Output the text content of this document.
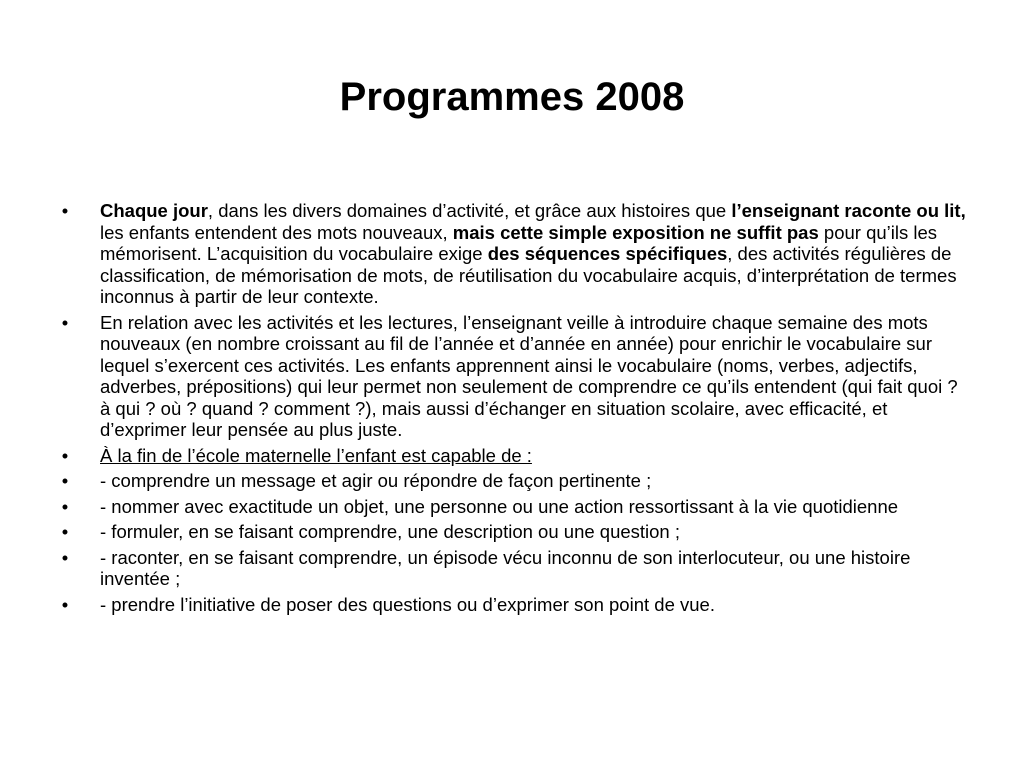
Programmes 2008
• Chaque jour, dans les divers domaines d’activité, et grâce aux histoires que l’enseignant raconte ou lit, les enfants entendent des mots nouveaux, mais cette simple exposition ne suffit pas pour qu’ils les mémorisent. L’acquisition du vocabulaire exige des séquences spécifiques, des activités régulières de classification, de mémorisation de mots, de réutilisation du vocabulaire acquis, d’interprétation de termes inconnus à partir de leur contexte.
• En relation avec les activités et les lectures, l’enseignant veille à introduire chaque semaine des mots nouveaux (en nombre croissant au fil de l’année et d’année en année) pour enrichir le vocabulaire sur lequel s’exercent ces activités. Les enfants apprennent ainsi le vocabulaire (noms, verbes, adjectifs, adverbes, prépositions) qui leur permet non seulement de comprendre ce qu’ils entendent (qui fait quoi ? à qui ? où ? quand ? comment ?), mais aussi d’échanger en situation scolaire, avec efficacité, et d’exprimer leur pensée au plus juste.
• À la fin de l’école maternelle l’enfant est capable de :
• - comprendre un message et agir ou répondre de façon pertinente ;
• - nommer avec exactitude un objet, une personne ou une action ressortissant à la vie quotidienne
• - formuler, en se faisant comprendre, une description ou une question ;
• - raconter, en se faisant comprendre, un épisode vécu inconnu de son interlocuteur, ou une histoire inventée ;
• - prendre l’initiative de poser des questions ou d’exprimer son point de vue.
